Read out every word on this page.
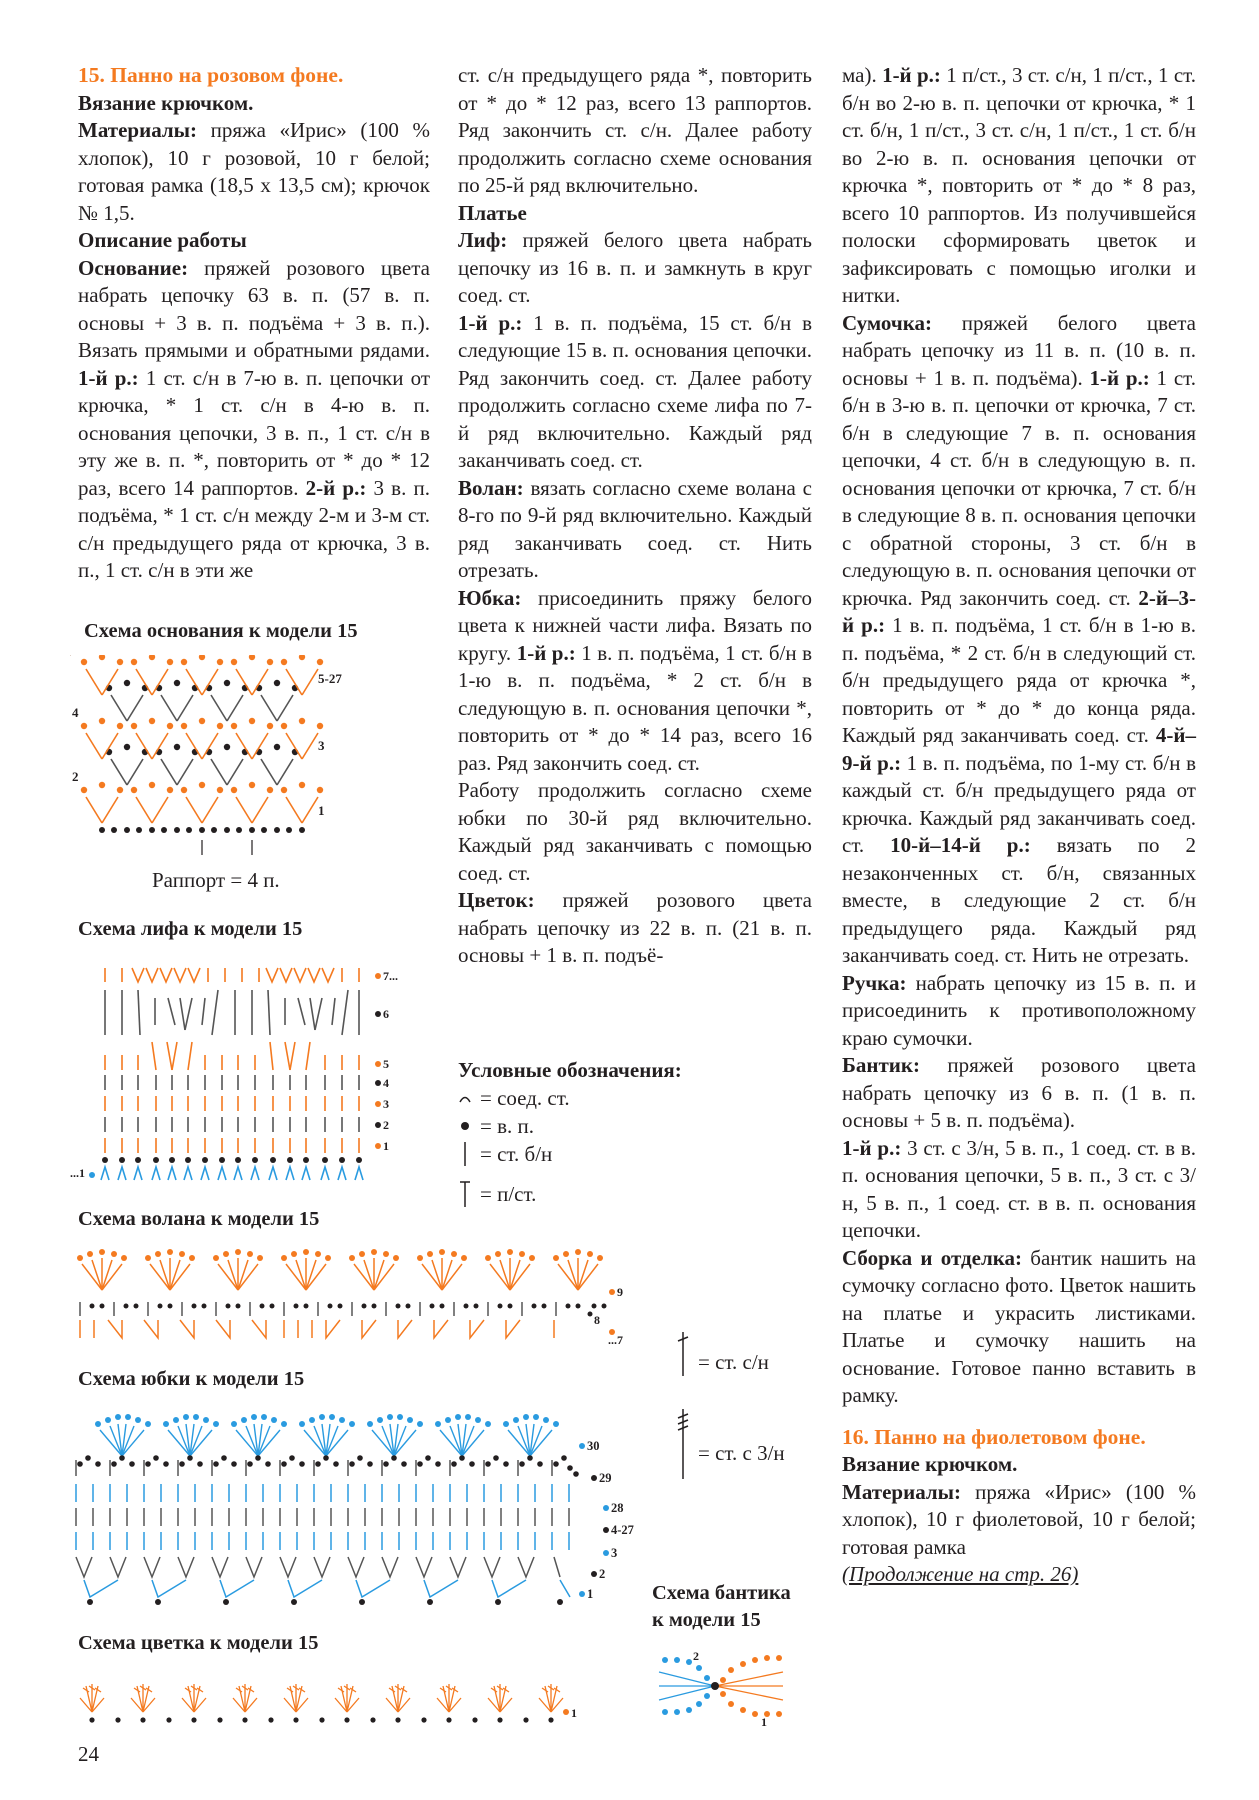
15. Панно на розовом фоне.

Вязание крючком.

Материалы: пряжа «Ирис» (100 % хлопок), 10 г розовой, 10 г белой; готовая рамка (18,5 х 13,5 см); крючок № 1,5.

Описание работы

Основание: пряжей розового цвета набрать цепочку 63 в. п. (57 в. п. основы + 3 в. п. подъёма + 3 в. п.). Вязать прямыми и обратными рядами. 1-й р.: 1 ст. с/н в 7-ю в. п. цепочки от крючка, * 1 ст. с/н в 4-ю в. п. основания цепочки, 3 в. п., 1 ст. с/н в эту же в. п. *, повторить от * до * 12 раз, всего 14 раппортов. 2-й р.: 3 в. п. подъёма, * 1 ст. с/н между 2-м и 3-м ст. с/н предыдущего ряда от крючка, 3 в. п., 1 ст. с/н в эти же

Схема основания к модели 15
5-27
4
3
2
1
Раппорт = 4 п.
Схема лифа к модели 15
7...
6
5
4
3
2
1
...1
Схема волана к модели 15
9
8
...7
Схема юбки к модели 15
30
29
28
4-27
3
2
1
Схема цветка к модели 15
1
24

ст. с/н предыдущего ряда *, повторить от * до * 12 раз, всего 13 раппортов. Ряд закончить ст. с/н. Далее работу продолжить согласно схеме основания по 25-й ряд включительно.

Платье

Лиф: пряжей белого цвета набрать цепочку из 16 в. п. и замкнуть в круг соед. ст.

1-й р.: 1 в. п. подъёма, 15 ст. б/н в следующие 15 в. п. основания цепочки. Ряд закончить соед. ст. Далее работу продолжить согласно схеме лифа по 7-й ряд включительно. Каждый ряд заканчивать соед. ст.

Волан: вязать согласно схеме волана с 8-го по 9-й ряд включительно. Каждый ряд заканчивать соед. ст. Нить отрезать.

Юбка: присоединить пряжу белого цвета к нижней части лифа. Вязать по кругу. 1-й р.: 1 в. п. подъёма, 1 ст. б/н в 1-ю в. п. подъёма, * 2 ст. б/н в следующую в. п. основания цепочки *, повторить от * до * 14 раз, всего 16 раз. Ряд закончить соед. ст.

Работу продолжить согласно схеме юбки по 30-й ряд включительно. Каждый ряд заканчивать с помощью соед. ст.

Цветок: пряжей розового цвета набрать цепочку из 22 в. п. (21 в. п. основы + 1 в. п. подъё-

Условные обозначения:
= соед. ст.
= в. п.
= ст. б/н
= п/ст.
= ст. с/н
= ст. с 3/н
Схема бантика
к модели 15
2
1

ма). 1-й р.: 1 п/ст., 3 ст. с/н, 1 п/ст., 1 ст. б/н во 2-ю в. п. цепочки от крючка, * 1 ст. б/н, 1 п/ст., 3 ст. с/н, 1 п/ст., 1 ст. б/н во 2-ю в. п. основания цепочки от крючка *, повторить от * до * 8 раз, всего 10 раппортов. Из получившейся полоски сформировать цветок и зафиксировать с помощью иголки и нитки.

Сумочка: пряжей белого цвета набрать цепочку из 11 в. п. (10 в. п. основы + 1 в. п. подъёма). 1-й р.: 1 ст. б/н в 3-ю в. п. цепочки от крючка, 7 ст. б/н в следующие 7 в. п. основания цепочки, 4 ст. б/н в следующую в. п. основания цепочки от крючка, 7 ст. б/н в следующие 8 в. п. основания цепочки с обратной стороны, 3 ст. б/н в следующую в. п. основания цепочки от крючка. Ряд закончить соед. ст. 2-й–3-й р.: 1 в. п. подъёма, 1 ст. б/н в 1-ю в. п. подъёма, * 2 ст. б/н в следующий ст. б/н предыдущего ряда от крючка *, повторить от * до * до конца ряда. Каждый ряд заканчивать соед. ст. 4-й–9-й р.: 1 в. п. подъёма, по 1-му ст. б/н в каждый ст. б/н предыдущего ряда от крючка. Каждый ряд заканчивать соед. ст. 10-й–14-й р.: вязать по 2 незаконченных ст. б/н, связанных вместе, в следующие 2 ст. б/н предыдущего ряда. Каждый ряд заканчивать соед. ст. Нить не отрезать.

Ручка: набрать цепочку из 15 в. п. и присоединить к противоположному краю сумочки.

Бантик: пряжей розового цвета набрать цепочку из 6 в. п. (1 в. п. основы + 5 в. п. подъёма).

1-й р.: 3 ст. с 3/н, 5 в. п., 1 соед. ст. в в. п. основания цепочки, 5 в. п., 3 ст. с 3/н, 5 в. п., 1 соед. ст. в в. п. основания цепочки.

Сборка и отделка: бантик нашить на сумочку согласно фото. Цветок нашить на платье и украсить листиками. Платье и сумочку нашить на основание. Готовое панно вставить в рамку.

16. Панно на фиолетовом фоне.

Вязание крючком.

Материалы: пряжа «Ирис» (100 % хлопок), 10 г фиолетовой, 10 г белой; готовая рамка

(Продолжение на стр. 26)
